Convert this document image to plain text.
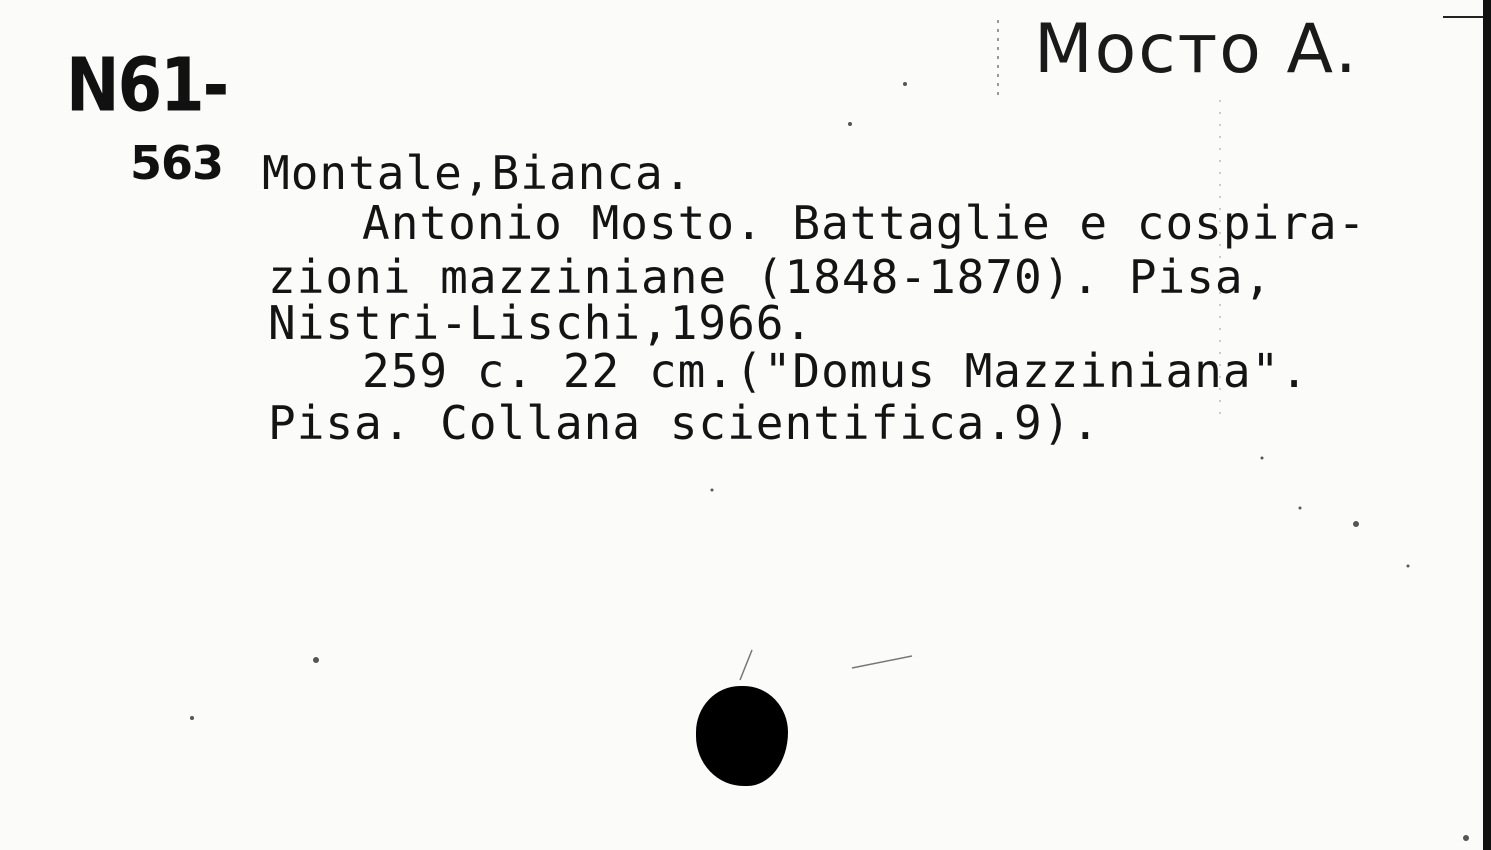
N61-
563
Мосто А.
Montale,Bianca.
Antonio Mosto. Battaglie e cospira-
zioni mazziniane (1848-1870). Pisa,
Nistri-Lischi,1966.
259 c. 22 cm.("Domus Mazziniana".
Pisa. Collana scientifica.9).
